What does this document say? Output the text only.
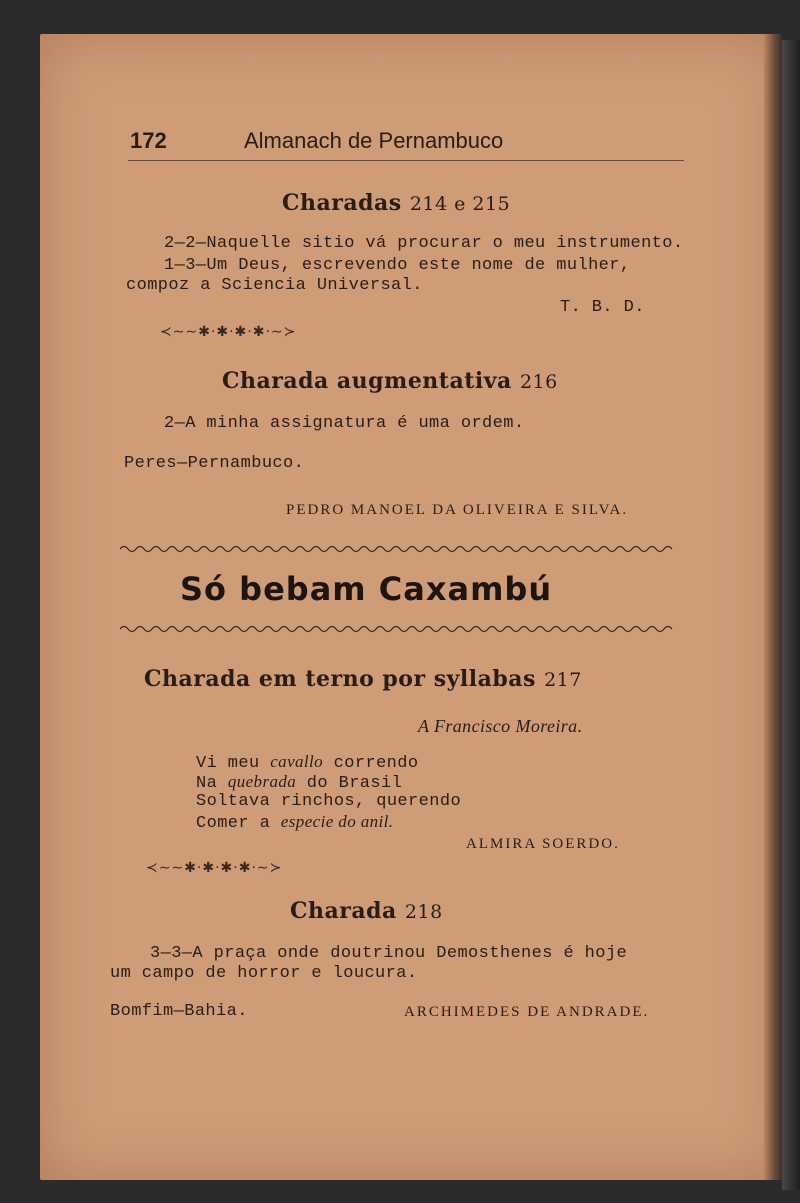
172	Almanach de Pernambuco
Charadas 214 e 215
2—2—Naquelle sitio vá procurar o meu instrumento.
1—3—Um Deus, escrevendo este nome de mulher,
compoz a Sciencia Universal.
T. B. D.
≺∼∼✱·✱·✱·✱·∼≻
Charada augmentativa 216
2—A minha assignatura é uma ordem.
Peres—Pernambuco.
PEDRO MANOEL DA OLIVEIRA E SILVA.
Só bebam Caxambú
Charada em terno por syllabas 217
A Francisco Moreira.
Vi meu cavallo correndo
Na quebrada do Brasil
Soltava rinchos, querendo
Comer a especie do anil.
ALMIRA SOERDO.
≺∼∼✱·✱·✱·✱·∼≻
Charada 218
3—3—A praça onde doutrinou Demosthenes é hoje
um campo de horror e loucura.
Bomfim—Bahia.	ARCHIMEDES DE ANDRADE.
